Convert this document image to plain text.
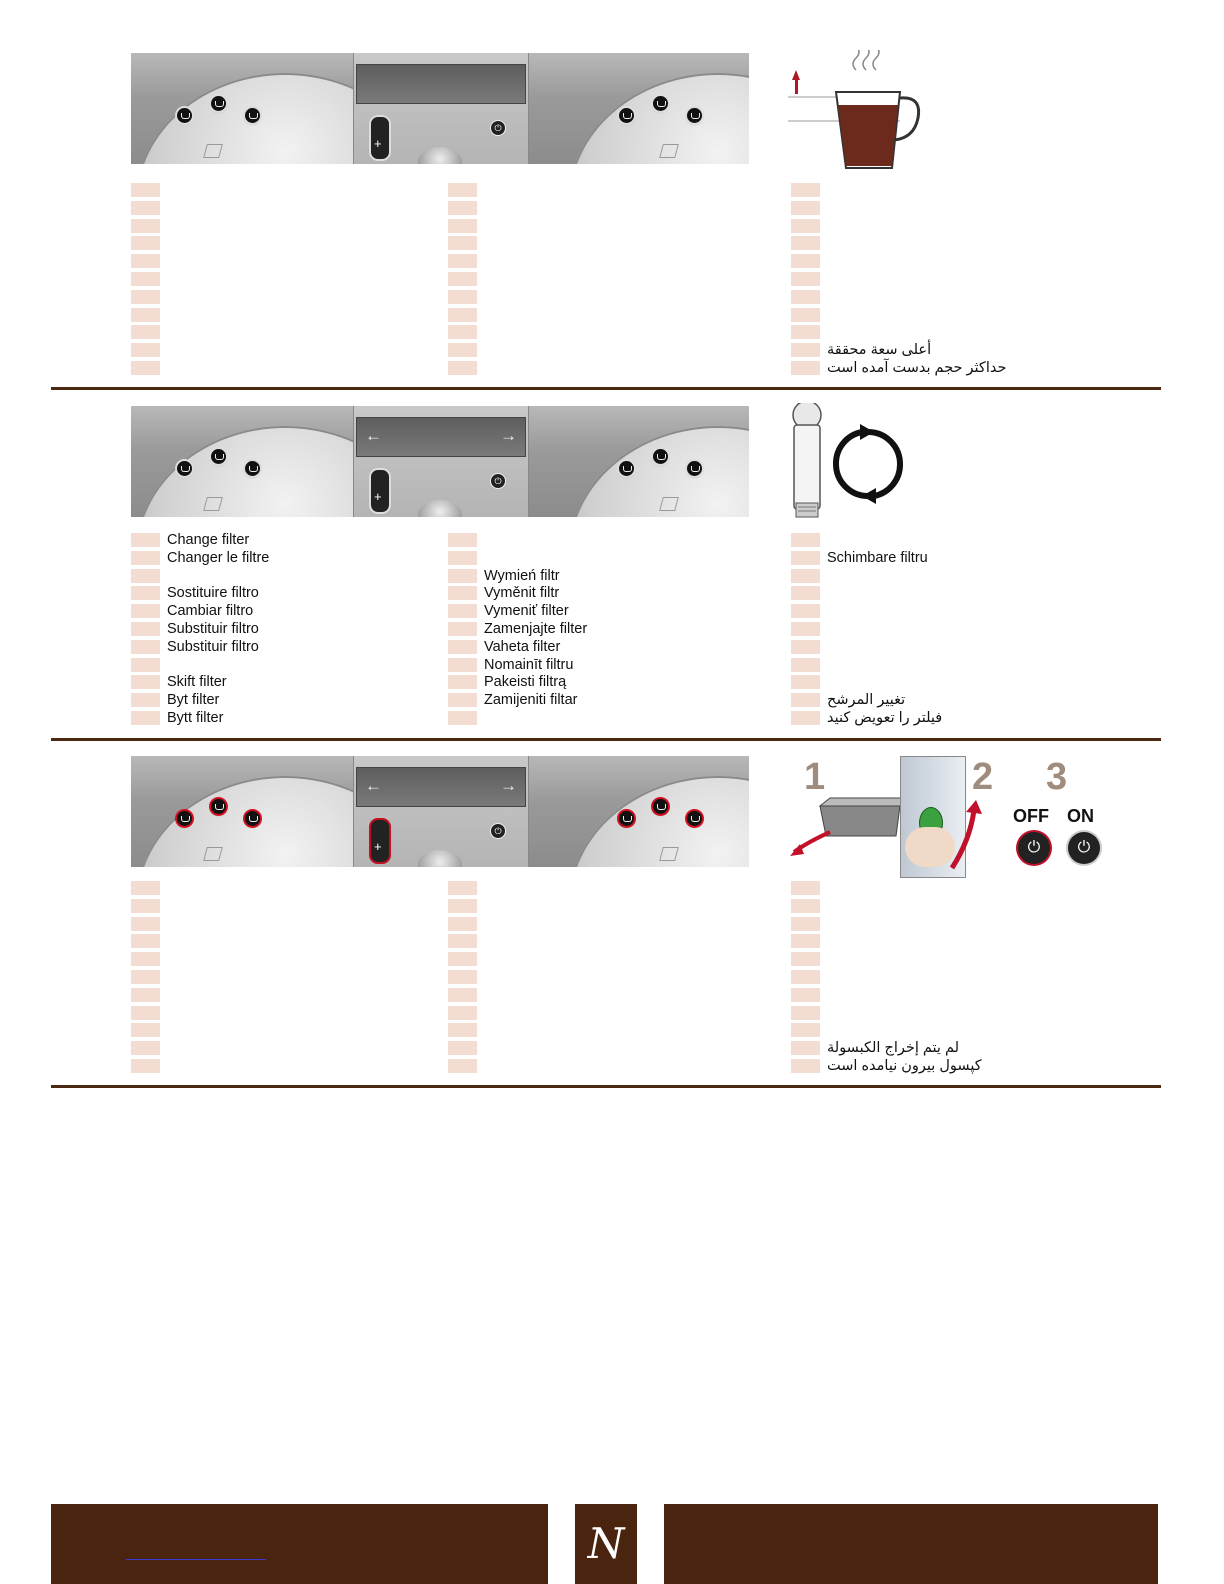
+
⏻
أعلى سعة محققة
حداكثر حجم بدست آمده است
←	→
+
⏻
Change filter
Changer le filtre
Sostituire filtro
Cambiar filtro
Substituir filtro
Substituir filtro
Skift filter
Byt filter
Bytt filter
Wymień filtr
Vyměnit filtr
Vymeniť filter
Zamenjajte filter
Vaheta filter
Nomainīt filtru
Pakeisti filtrą
Zamijeniti filtar
Schimbare filtru
تغيير المرشح
فیلتر را تعویض کنید
←	→
+
⏻
1	2 3
OFF ON
⏻	⏻
لم يتم إخراج الكبسولة
کپسول بیرون نیامده است
N
